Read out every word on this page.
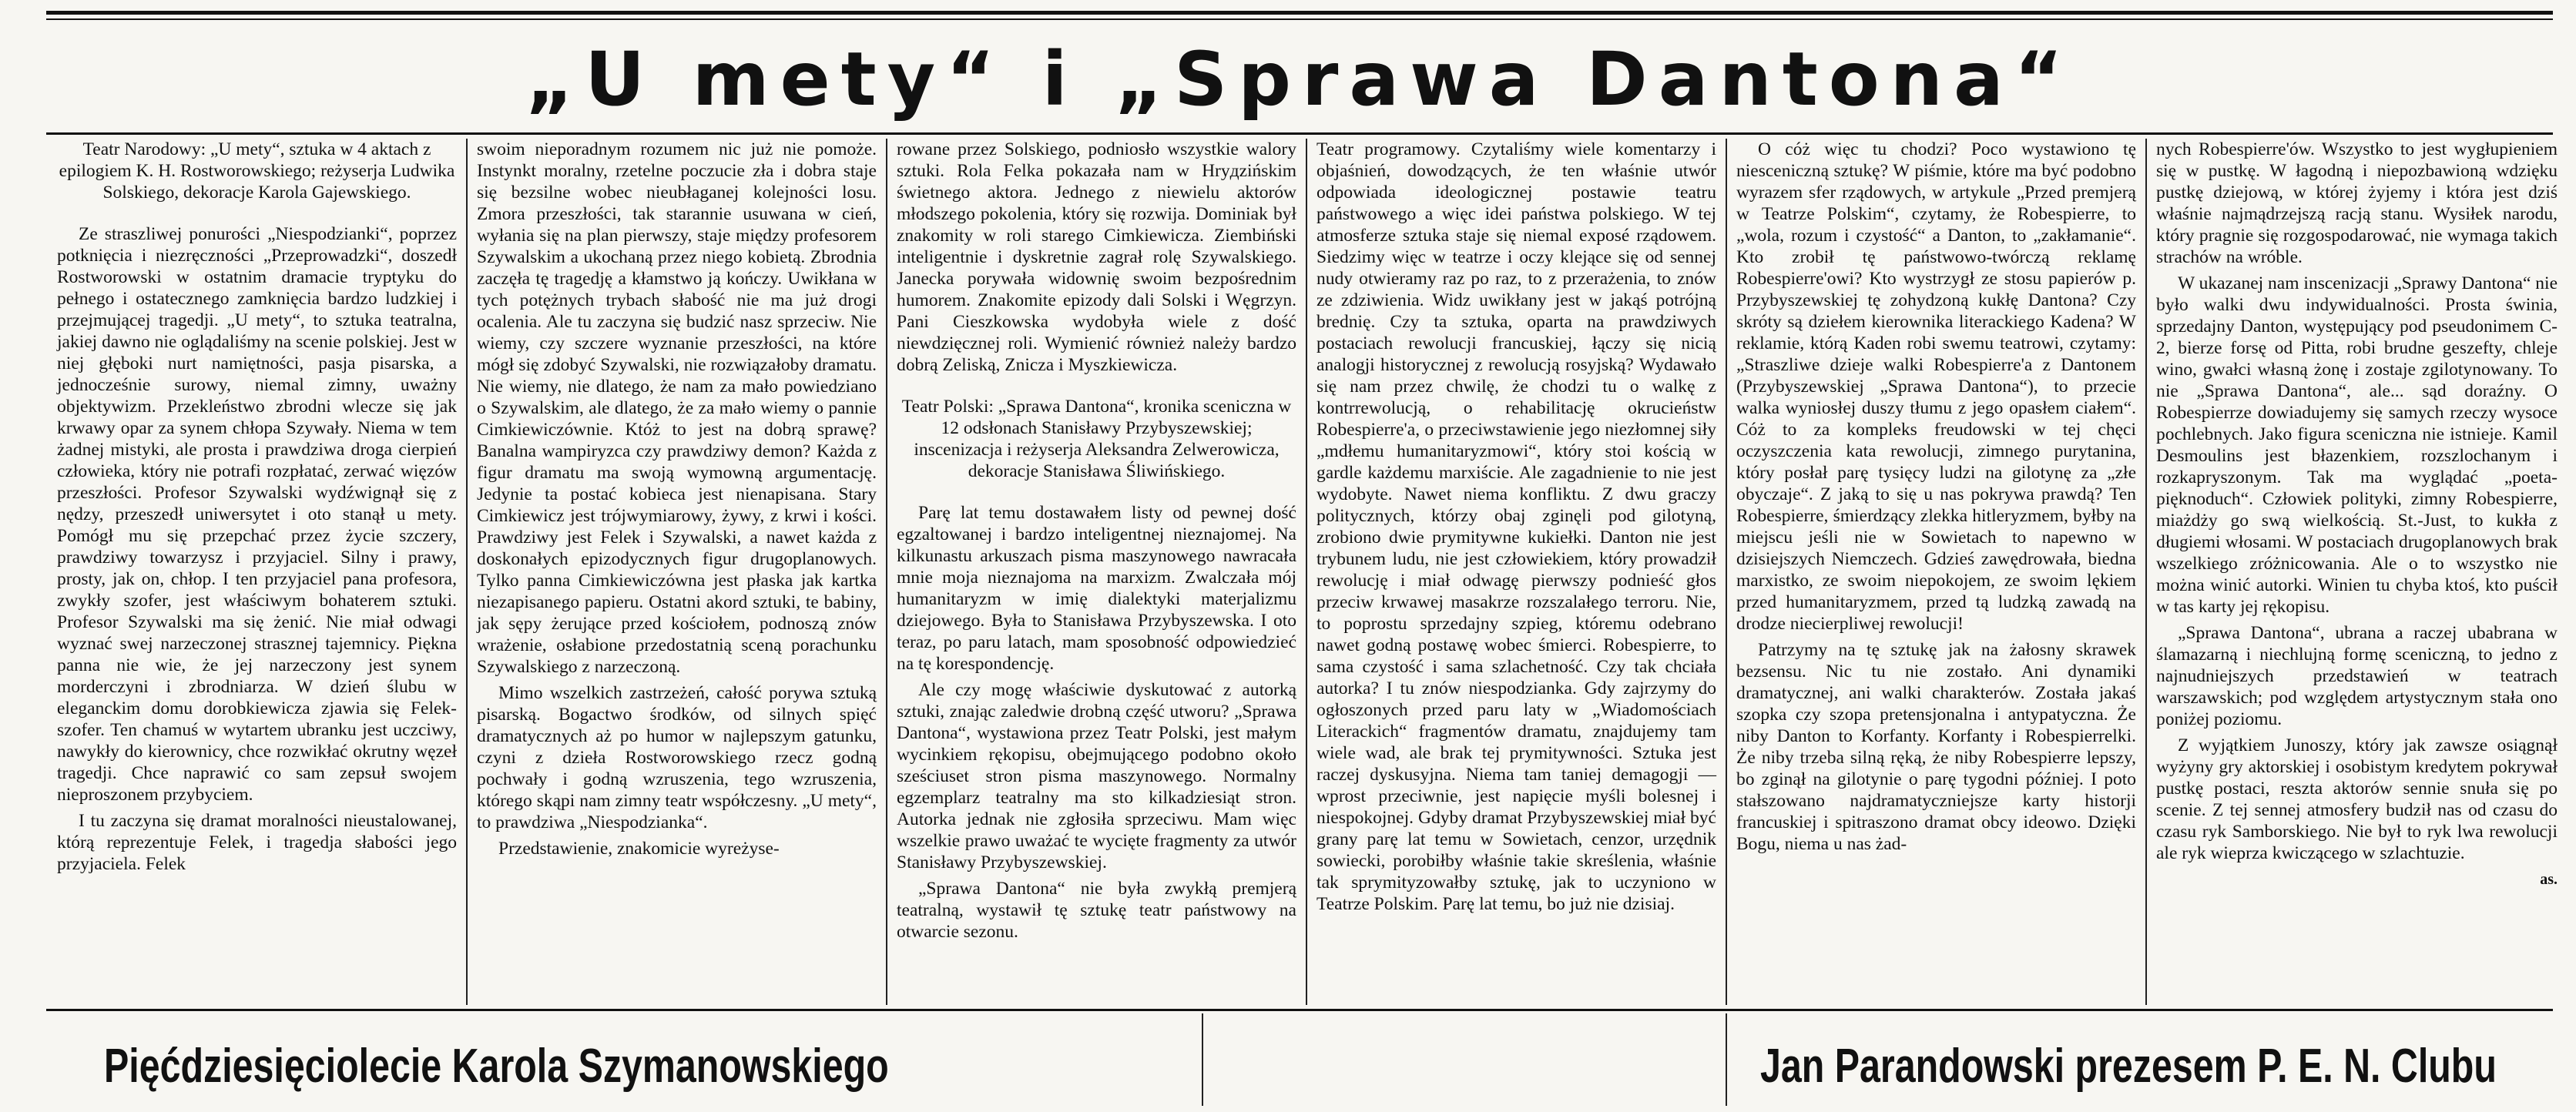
„U mety“ i „Sprawa Dantona“

Teatr Narodowy: „U mety“, sztuka w 4 aktach z epilogiem K. H. Rostworowskiego; reżyserja Ludwika Solskiego, dekoracje Karola Gajewskiego.

Ze straszliwej ponurości „Niespodzianki“, poprzez potknięcia i niezręczności „Przeprowadzki“, doszedł Rostworowski w ostatnim dramacie tryptyku do pełnego i ostatecznego zamknięcia bardzo ludzkiej i przejmującej tragedji. „U mety“, to sztuka teatralna, jakiej dawno nie oglądaliśmy na scenie polskiej. Jest w niej głęboki nurt namiętności, pasja pisarska, a jednocześnie surowy, niemal zimny, uważny objektywizm. Przekleństwo zbrodni wlecze się jak krwawy opar za synem chłopa Szywały. Niema w tem żadnej mistyki, ale prosta i prawdziwa droga cierpień człowieka, który nie potrafi rozpłatać, zerwać więzów przeszłości. Profesor Szywalski wydźwignął się z nędzy, przeszedł uniwersytet i oto stanął u mety. Pomógł mu się przepchać przez życie szczery, prawdziwy towarzysz i przyjaciel. Silny i prawy, prosty, jak on, chłop. I ten przyjaciel pana profesora, zwykły szofer, jest właściwym bohaterem sztuki. Profesor Szywalski ma się żenić. Nie miał odwagi wyznać swej narzeczonej strasznej tajemnicy. Piękna panna nie wie, że jej narzeczony jest synem morderczyni i zbrodniarza. W dzień ślubu w eleganckim domu dorobkiewicza zjawia się Felek-szofer. Ten chamuś w wytartem ubranku jest uczciwy, nawykły do kierownicy, chce rozwikłać okrutny węzeł tragedji. Chce naprawić co sam zepsuł swojem nieproszonem przybyciem.

I tu zaczyna się dramat moralności nieustalowanej, którą reprezentuje Felek, i tragedja słabości jego przyjaciela. Felek

swoim nieporadnym rozumem nic już nie pomoże. Instynkt moralny, rzetelne poczucie zła i dobra staje się bezsilne wobec nieubłaganej kolejności losu. Zmora przeszłości, tak starannie usuwana w cień, wyłania się na plan pierwszy, staje między profesorem Szywalskim a ukochaną przez niego kobietą. Zbrodnia zaczęła tę tragedję a kłamstwo ją kończy. Uwikłana w tych potężnych trybach słabość nie ma już drogi ocalenia. Ale tu zaczyna się budzić nasz sprzeciw. Nie wiemy, czy szczere wyznanie przeszłości, na które mógł się zdobyć Szywalski, nie rozwiązałoby dramatu. Nie wiemy, nie dlatego, że nam za mało powiedziano o Szywalskim, ale dlatego, że za mało wiemy o pannie Cimkiewiczównie. Któż to jest na dobrą sprawę? Banalna wampiryzca czy prawdziwy demon? Każda z figur dramatu ma swoją wymowną argumentację. Jedynie ta postać kobieca jest nienapisana. Stary Cimkiewicz jest trójwymiarowy, żywy, z krwi i kości. Prawdziwy jest Felek i Szywalski, a nawet każda z doskonałych epizodycznych figur drugoplanowych. Tylko panna Cimkiewiczówna jest płaska jak kartka niezapisanego papieru. Ostatni akord sztuki, te babiny, jak sępy żerujące przed kościołem, podnoszą znów wrażenie, osłabione przedostatnią sceną porachunku Szywalskiego z narzeczoną.

Mimo wszelkich zastrzeżeń, całość porywa sztuką pisarską. Bogactwo środków, od silnych spięć dramatycznych aż po humor w najlepszym gatunku, czyni z dzieła Rostworowskiego rzecz godną pochwały i godną wzruszenia, tego wzruszenia, którego skąpi nam zimny teatr współczesny. „U mety“, to prawdziwa „Niespodzianka“.

Przedstawienie, znakomicie wyreżyse-

rowane przez Solskiego, podniosło wszystkie walory sztuki. Rola Felka pokazała nam w Hryдzińskim świetnego aktora. Jednego z niewielu aktorów młodszego pokolenia, który się rozwija. Dominiak był znakomity w roli starego Cimkiewicza. Ziembiński inteligentnie i dyskretnie zagrał rolę Szywalskiego. Janecka porywała widownię swoim bezpośrednim humorem. Znakomite epizody dali Solski i Węgrzyn. Pani Cieszkowska wydobyła wiele z dość niewdzięcznej roli. Wymienić również należy bardzo dobrą Zeliską, Znicza i Myszkiewicza.

Teatr Polski: „Sprawa Dantona“, kronika sceniczna w 12 odsłonach Stanisławy Przybyszewskiej; inscenizacja i reżyserja Aleksandra Zelwerowicza, dekoracje Stanisława Śliwińskiego.

Parę lat temu dostawałem listy od pewnej dość egzaltowanej i bardzo inteligentnej nieznajomej. Na kilkunastu arkuszach pisma maszynowego nawracała mnie moja nieznajoma na marxizm. Zwalczała mój humanitaryzm w imię dialektyki materjalizmu dziejowego. Była to Stanisława Przybyszewska. I oto teraz, po paru latach, mam sposobność odpowiedzieć na tę korespondencję.

Ale czy mogę właściwie dyskutować z autorką sztuki, znając zaledwie drobną część utworu? „Sprawa Dantona“, wystawiona przez Teatr Polski, jest małym wycinkiem rękopisu, obejmującego podobno około sześciuset stron pisma maszynowego. Normalny egzemplarz teatralny ma sto kilkadziesiąt stron. Autorka jednak nie zgłosiła sprzeciwu. Mam więc wszelkie prawo uważać te wycięte fragmenty za utwór Stanisławy Przybyszewskiej.

„Sprawa Dantona“ nie była zwykłą premjerą teatralną, wystawił tę sztukę teatr państwowy na otwarcie sezonu.

Teatr programowy. Czytaliśmy wiele komentarzy i objaśnień, dowodzących, że ten właśnie utwór odpowiada ideologicznej postawie teatru państwowego a więc idei państwa polskiego. W tej atmosferze sztuka staje się niemal exposé rządowem. Siedzimy więc w teatrze i oczy klejące się od sennej nudy otwieramy raz po raz, to z przerażenia, to znów ze zdziwienia. Widz uwikłany jest w jakąś potrójną brednię. Czy ta sztuka, oparta na prawdziwych postaciach rewolucji francuskiej, łączy się nicią analogji historycznej z rewolucją rosyjską? Wydawało się nam przez chwilę, że chodzi tu o walkę z kontrrewolucją, o rehabilitację okrucieństw Robespierre'a, o przeciwstawienie jego niezłomnej siły „mdłemu humanitaryzmowi“, który stoi kością w gardle każdemu marxiście. Ale zagadnienie to nie jest wydobyte. Nawet niema konfliktu. Z dwu graczy politycznych, którzy obaj zginęli pod gilotyną, zrobiono dwie prymitywne kukiełki. Danton nie jest trybunem ludu, nie jest człowiekiem, który prowadził rewolucję i miał odwagę pierwszy podnieść głos przeciw krwawej masakrze rozszalałego terroru. Nie, to poprostu sprzedajny szpieg, któremu odebrano nawet godną postawę wobec śmierci. Robespierre, to sama czystość i sama szlachetność. Czy tak chciała autorka? I tu znów niespodzianka. Gdy zajrzymy do ogłoszonych przed paru laty w „Wiadomościach Literackich“ fragmentów dramatu, znajdujemy tam wiele wad, ale brak tej prymitywności. Sztuka jest raczej dyskusyjna. Niema tam taniej demagogji — wprost przeciwnie, jest napięcie myśli bolesnej i niespokojnej. Gdyby dramat Przybyszewskiej miał być grany parę lat temu w Sowietach, cenzor, urzędnik sowiecki, porobiłby właśnie takie skreślenia, właśnie tak sprymityzowałby sztukę, jak to uczyniono w Teatrze Polskim. Parę lat temu, bo już nie dzisiaj.

O cóż więc tu chodzi? Poco wystawiono tę niesceniczną sztukę? W piśmie, które ma być podobno wyrazem sfer rządowych, w artykule „Przed premjerą w Teatrze Polskim“, czytamy, że Robespierre, to „wola, rozum i czystość“ a Danton, to „zakłamanie“. Kto zrobił tę państwowo-twórczą reklamę Robespierre'owi? Kto wystrzygł ze stosu papierów p. Przybyszewskiej tę zohydzoną kukłę Dantona? Czy skróty są dziełem kierownika literackiego Kadena? W reklamie, którą Kaden robi swemu teatrowi, czytamy: „Straszliwe dzieje walki Robespierre'a z Dantonem (Przybyszewskiej „Sprawa Dantona“), to przecie walka wyniosłej duszy tłumu z jego opasłem ciałem“. Cóż to za kompleks freudowski w tej chęci oczyszczenia kata rewolucji, zimnego purytanina, który posłał parę tysięcy ludzi na gilotynę za „złe obyczaje“. Z jaką to się u nas pokrywa prawdą? Ten Robespierre, śmierdzący zlekka hitleryzmem, byłby na miejscu jeśli nie w Sowietach to napewno w dzisiejszych Niemczech. Gdzieś zawędrowała, biedna marxistko, ze swoim niepokojem, ze swoim lękiem przed humanitaryzmem, przed tą ludzką zawadą na drodze niecierpliwej rewolucji!

Patrzymy na tę sztukę jak na żałosny skrawek bezsensu. Nic tu nie zostało. Ani dynamiki dramatycznej, ani walki charakterów. Została jakaś szopka czy szopa pretensjonalna i antypatyczna. Że niby Danton to Korfanty. Korfanty i Robespierrelki. Że niby trzeba silną ręką, że niby Robespierre lepszy, bo zginął na gilotynie o parę tygodni później. I poto stałszowano najdramatyczniejsze karty historji francuskiej i spitraszono dramat obcy ideowo. Dzięki Bogu, niema u nas żad-

nych Robespierre'ów. Wszystko to jest wygłupieniem się w pustkę. W łagodną i niepozbawioną wdzięku pustkę dziejową, w której żyjemy i która jest dziś właśnie najmądrzejszą racją stanu. Wysiłek narodu, który pragnie się rozgospodarować, nie wymaga takich strachów na wróble.

W ukazanej nam inscenizacji „Sprawy Dantona“ nie było walki dwu indywidualności. Prosta świnia, sprzedajny Danton, występujący pod pseudonimem C-2, bierze forsę od Pitta, robi brudne geszefty, chleje wino, gwałci własną żonę i zostaje zgilotynowany. To nie „Sprawa Dantona“, ale... sąd doraźny. O Robespierrze dowiadujemy się samych rzeczy wysoce pochlebnych. Jako figura sceniczna nie istnieje. Kamil Desmoulins jest błazenkiem, rozszlochanym i rozkapryszonym. Tak ma wyglądać „poeta-pięknoduch“. Człowiek polityki, zimny Robespierre, miażdży go swą wielkością. St.-Just, to kukła z długiemi włosami. W postaciach drugoplanowych brak wszelkiego zróżnicowania. Ale o to wszystko nie można winić autorki. Winien tu chyba ktoś, kto puścił w tas karty jej rękopisu.

„Sprawa Dantona“, ubrana a raczej ubabrana w ślamazarną i niechlujną formę sceniczną, to jedno z najnudniejszych przedstawień w teatrach warszawskich; pod względem artystycznym stała ono poniżej poziomu.

Z wyjątkiem Junoszy, który jak zawsze osiągnął wyżyny gry aktorskiej i osobistym kredytem pokrywał pustkę postaci, reszta aktorów sennie snuła się po scenie. Z tej sennej atmosfery budził nas od czasu do czasu ryk Samborskiego. Nie był to ryk lwa rewolucji ale ryk wieprza kwiczącego w szlachtuzie.

as.
Pięćdziesięciolecie Karola Szymanowskiego	Jan Parandowski prezesem P. E. N. Clubu
